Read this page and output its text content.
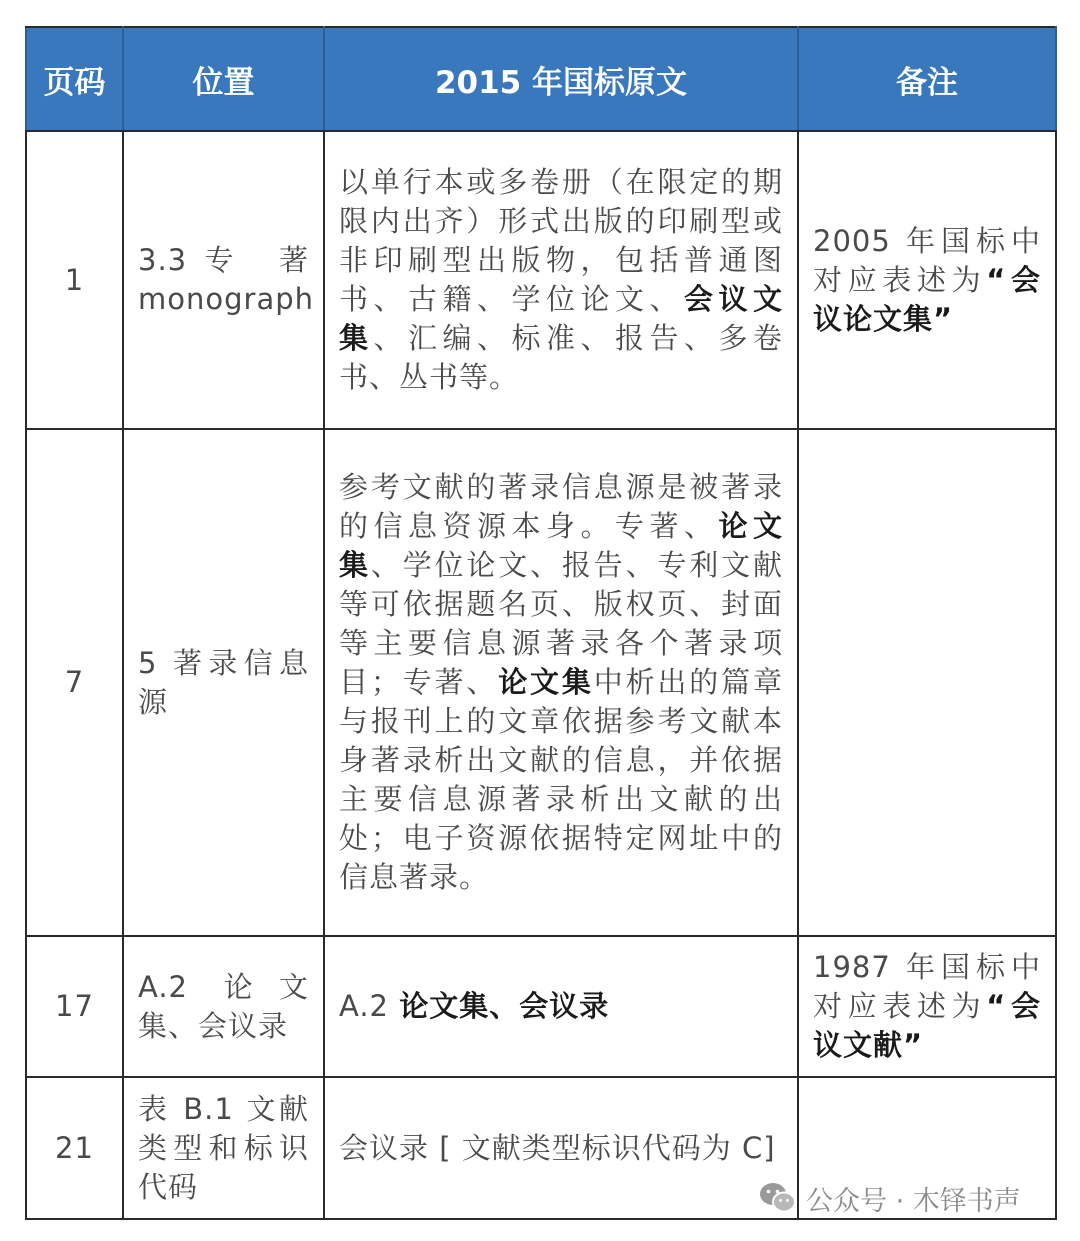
页码	位置	2015 年国标原文	备注
1	3.3 专　著 monograph	以单行本或多卷册（在限定的期限内出齐）形式出版的印刷型或非印刷型出版物，包括普通图书、古籍、学位论文、会议文集、汇编、标准、报告、多卷书、丛书等。	2005 年国标中对应表述为“会议论文集”
7	5 著录信息源	参考文献的著录信息源是被著录的信息资源本身。专著、论文集、学位论文、报告、专利文献等可依据题名页、版权页、封面等主要信息源著录各个著录项目；专著、论文集中析出的篇章与报刊上的文章依据参考文献本身著录析出文献的信息，并依据主要信息源著录析出文献的出处；电子资源依据特定网址中的信息著录。	
17	A.2 论文集、会议录	A.2 论文集、会议录	1987 年国标中对应表述为“会议文献”
21	表 B.1 文献类型和标识代码	会议录 [ 文献类型标识代码为 C]	
公众号 · 木铎书声
